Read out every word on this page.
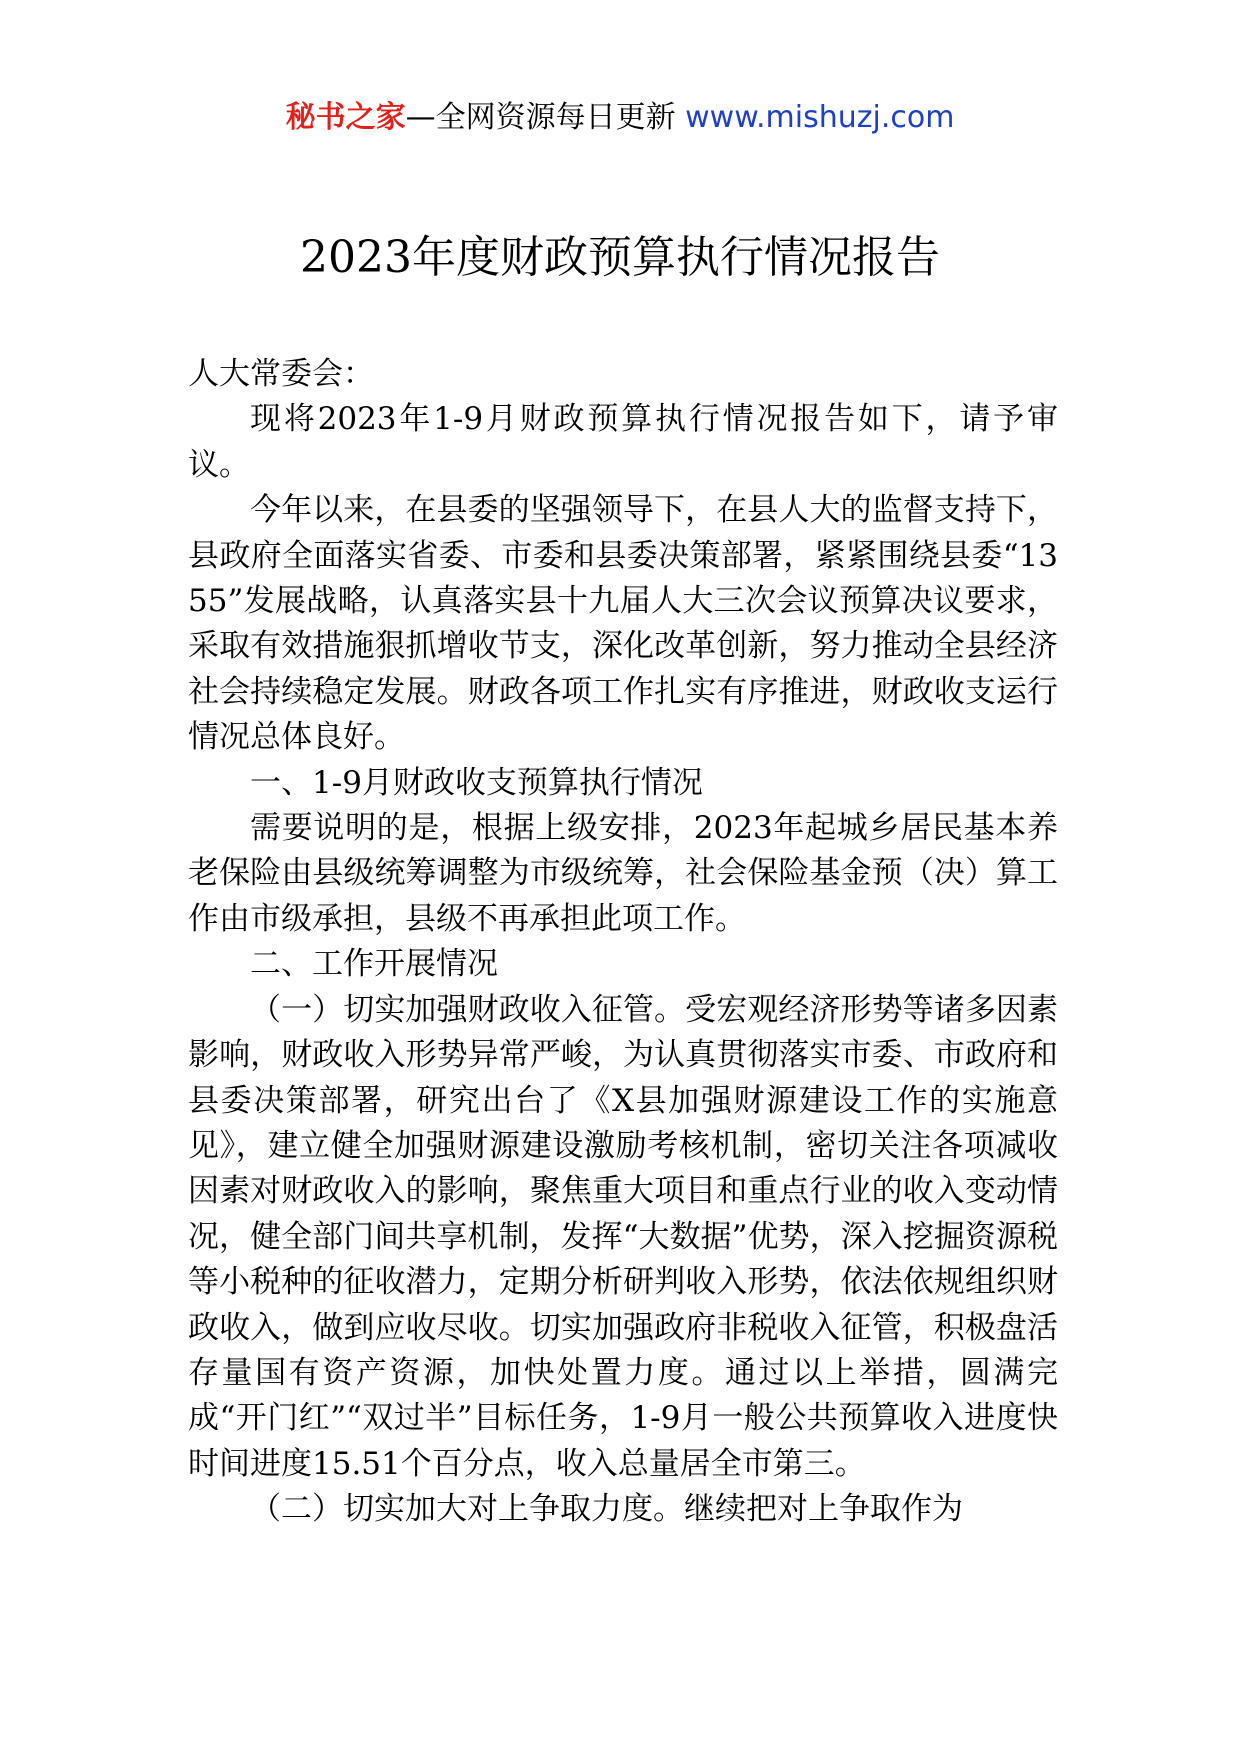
秘书之家—全网资源每日更新 www.mishuzj.com
2023年度财政预算执行情况报告

人大常委会：

现将2023年1-9月财政预算执行情况报告如下，请予审议。

今年以来，在县委的坚强领导下，在县人大的监督支持下，县政府全面落实省委、市委和县委决策部署，紧紧围绕县委“1355”发展战略，认真落实县十九届人大三次会议预算决议要求，采取有效措施狠抓增收节支，深化改革创新，努力推动全县经济社会持续稳定发展。财政各项工作扎实有序推进，财政收支运行情况总体良好。

一、1-9月财政收支预算执行情况

需要说明的是，根据上级安排，2023年起城乡居民基本养老保险由县级统筹调整为市级统筹，社会保险基金预（决）算工作由市级承担，县级不再承担此项工作。

二、工作开展情况

（一）切实加强财政收入征管。受宏观经济形势等诸多因素影响，财政收入形势异常严峻，为认真贯彻落实市委、市政府和县委决策部署，研究出台了《X县加强财源建设工作的实施意见》，建立健全加强财源建设激励考核机制，密切关注各项减收因素对财政收入的影响，聚焦重大项目和重点行业的收入变动情况，健全部门间共享机制，发挥“大数据”优势，深入挖掘资源税等小税种的征收潜力，定期分析研判收入形势，依法依规组织财政收入，做到应收尽收。切实加强政府非税收入征管，积极盘活存量国有资产资源，加快处置力度。通过以上举措，圆满完成“开门红”“双过半”目标任务，1-9月一般公共预算收入进度快时间进度15.51个百分点，收入总量居全市第三。

（二）切实加大对上争取力度。继续把对上争取作为
